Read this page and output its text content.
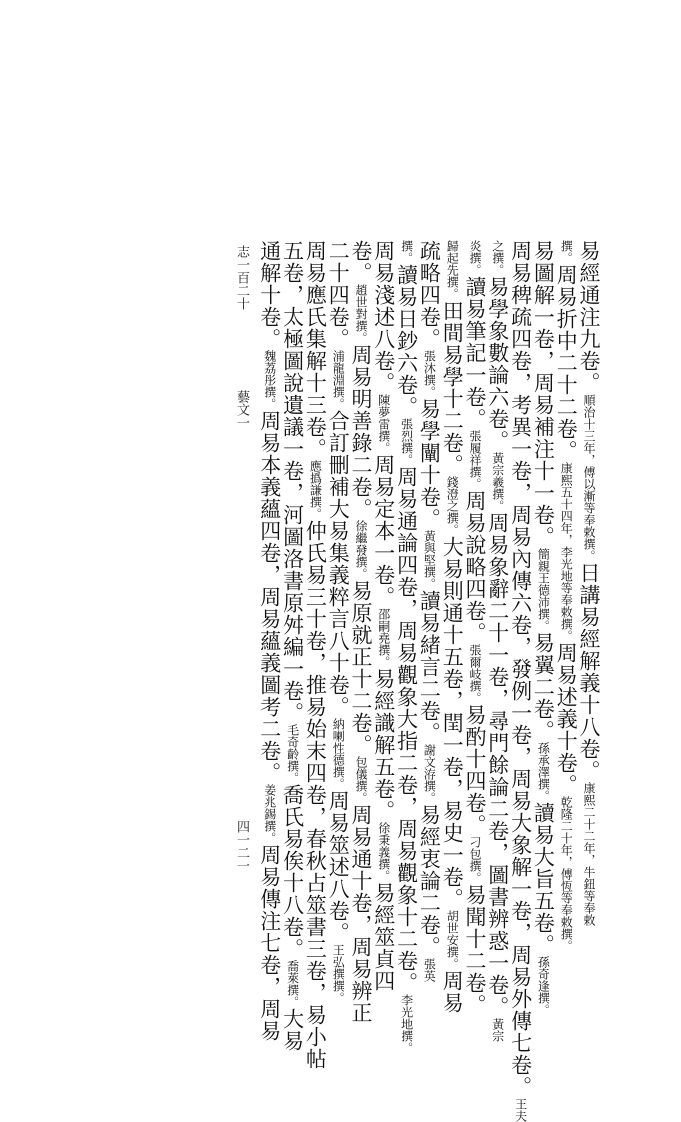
志一百二十
藝文一
四一二一
易經通注九卷。順治十三年，傅以漸等奉敕撰。日講易經解義十八卷。康熙二十二年，牛鈕等奉敕
撰。周易折中二十二卷。康熙五十四年，李光地等奉敕撰。周易述義十卷。乾隆二十年，傅恆等奉敕撰。
易圖解一卷，周易補注十一卷。簡親王德沛撰。易翼二卷。孫承澤撰。讀易大旨五卷。孫奇逢撰。
周易稗疏四卷，考異一卷，周易內傳六卷，發例一卷，周易大象解一卷，周易外傳七卷。王夫
之撰。易學象數論六卷。黃宗羲撰。周易象辭二十一卷，尋門餘論二卷，圖書辨惑一卷。黃宗
炎撰。讀易筆記一卷。張履祥撰。周易說略四卷。張爾岐撰。易酌十四卷。刁包撰。易聞十二卷。
歸起先撰。田間易學十二卷。錢澄之撰。大易則通十五卷，閏一卷，易史一卷。胡世安撰。周易
疏略四卷。張沐撰。易學闡十卷。黃與堅撰。讀易緒言二卷。謝文洊撰。易經衷論二卷。張英
撰。讀易日鈔六卷。張烈撰。周易通論四卷，周易觀象大指二卷，周易觀象十二卷。李光地撰。
周易淺述八卷。陳夢雷撰。周易定本一卷。邵嗣堯撰。易經識解五卷。徐秉義撰。易經筮貞四
卷。趙世對撰。周易明善錄二卷。徐繼發撰。易原就正十二卷。包儀撰。周易通十卷，周易辨正
二十四卷。浦龍淵撰。合訂刪補大易集義粹言八十卷。納喇性德撰。周易筮述八卷。王弘撰撰。
周易應氏集解十三卷。應撝謙撰。仲氏易三十卷，推易始末四卷，春秋占筮書三卷，易小帖
五卷，太極圖說遺議一卷，河圖洛書原舛編一卷。毛奇齡撰。喬氏易俟十八卷。喬萊撰。大易
通解十卷。魏荔彤撰。周易本義蘊四卷，周易蘊義圖考二卷。姜兆錫撰。周易傳注七卷，周易
